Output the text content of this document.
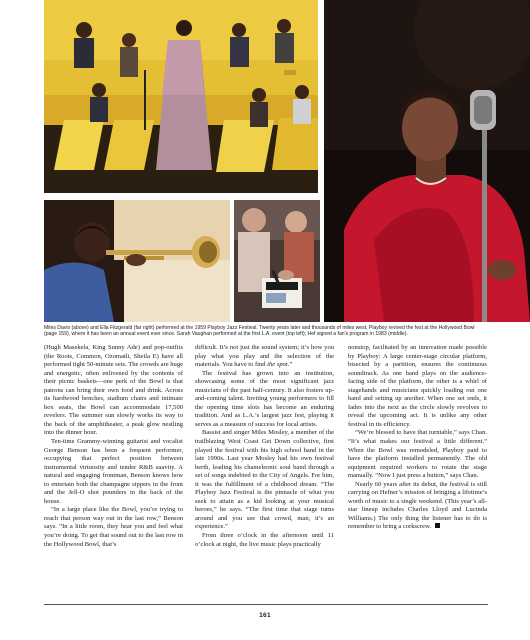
Miles Davis (above) and Ella Fitzgerald (far right) performed at the 1959 Playboy Jazz Festival. Twenty years later and thousands of miles west, Playboy revived the fest at the Hollywood Bowl (page 159), where it has been an annual event ever since. Sarah Vaughan performed at the first L.A. event (top left); Hef signed a fan's program in 1983 (middle).

(Hugh Masekela, King Sunny Ade) and pop-outfits (the Roots, Common, Ozomatli, Sheila E) have all performed tight 50-minute sets. The crowds are huge and energetic, often enlivened by the contents of their picnic baskets—one perk of the Bowl is that patrons can bring their own food and drink. Across its hardwood benches, stadium chairs and intimate box seats, the Bowl can accommodate 17,500 revelers. The summer sun slowly works its way to the back of the amphitheater, a peak glow nestling into the dinner hour.

Ten-time Grammy-winning guitarist and vocalist George Benson has been a frequent performer, occupying that perfect position between instrumental virtuosity and tender R&B suavity. A natural and engaging frontman, Benson knows how to entertain both the champagne sippers in the front and the Jell-O shot pounders in the back of the house.

“In a large place like the Bowl, you’re trying to reach that person way out in the last row,” Benson says. “In a little room, they hear you and feel what you’re doing. To get that sound out to the last row in the Hollywood Bowl, that’s

difficult. It’s not just the sound system; it’s how you play what you play and the selection of the materials. You have to find the spot.”

The festival has grown into an institution, showcasing some of the most significant jazz musicians of the past half-century. It also fosters up-and-coming talent. Inviting young performers to fill the opening time slots has become an enduring tradition. And as L.A.’s largest jazz fest, playing it serves as a measure of success for local artists.

Bassist and singer Miles Mosley, a member of the trailblazing West Coast Get Down collective, first played the festival with his high school band in the late 1990s. Last year Mosley had his own festival berth, leading his chameleonic soul band through a set of songs indebted to the City of Angels. For him, it was the fulfillment of a childhood dream. “The Playboy Jazz Festival is the pinnacle of what you seek to attain as a kid looking at your musical heroes,” he says. “The first time that stage turns around and you see that crowd, man, it’s an experience.”

From three o’clock in the afternoon until 11 o’clock at night, the live music plays practically

nonstop, facilitated by an innovation made possible by Playboy: A large center-stage circular platform, bisected by a partition, ensures the continuous soundtrack. As one band plays on the audience-facing side of the platform, the other is a whirl of stagehands and musicians quickly loading out one band and setting up another. When one set ends, it fades into the next as the circle slowly revolves to reveal the upcoming act. It is unlike any other festival in its efficiency.

“We’re blessed to have that turntable,” says Chan. “It’s what makes our festival a little different.” When the Bowl was remodeled, Playboy paid to have the platform installed permanently. The old equipment required workers to rotate the stage manually. “Now I just press a button,” says Chan.

Nearly 60 years after its debut, the festival is still carrying on Hefner’s mission of bringing a lifetime’s worth of music to a single weekend. (This year’s all-star lineup includes Charles Lloyd and Lucinda Williams.) The only thing the listener has to do is remember to bring a corkscrew.

161
